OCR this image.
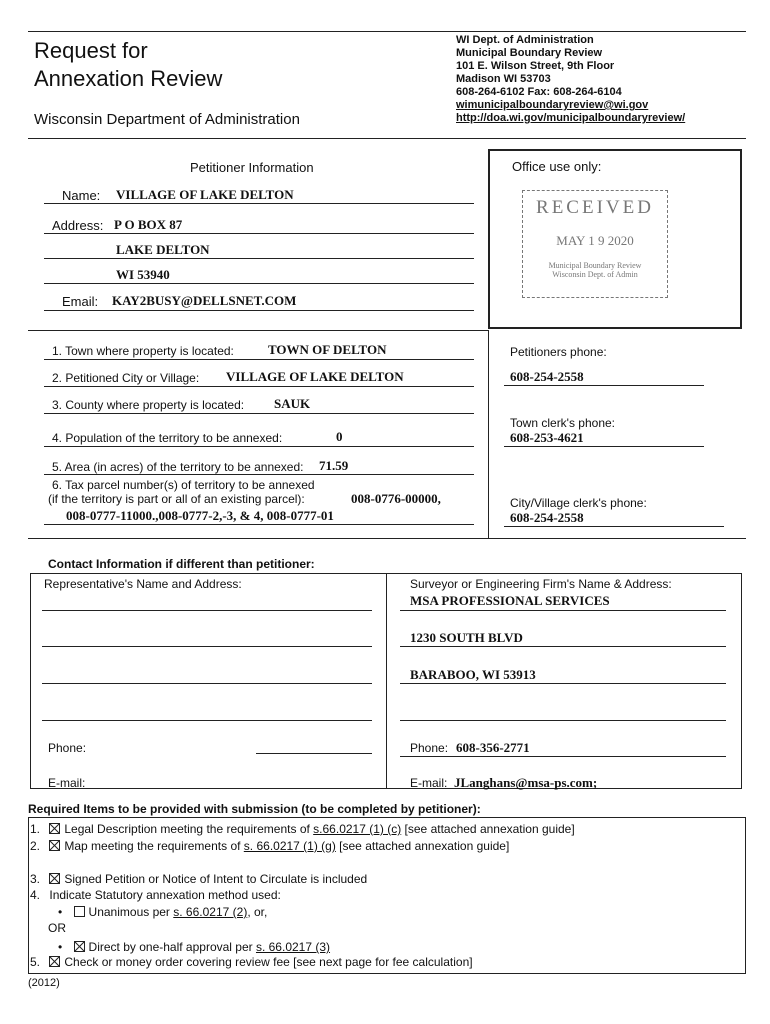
Request for
Annexation Review
Wisconsin Department of Administration
WI Dept. of Administration
Municipal Boundary Review
101 E. Wilson Street, 9th Floor
Madison WI 53703
608-264-6102 Fax: 608-264-6104
wimunicipalboundaryreview@wi.gov
http://doa.wi.gov/municipalboundaryreview/
Petitioner Information
Name: VILLAGE OF LAKE DELTON
Address: P O BOX 87
LAKE DELTON
WI 53940
Email: KAY2BUSY@DELLSNET.COM
Office use only:
RECEIVED
MAY 1 9 2020
Municipal Boundary Review
Wisconsin Dept. of Admin
1. Town where property is located:	TOWN OF DELTON
2. Petitioned City or Village: VILLAGE OF LAKE DELTON
3. County where property is located: SAUK
4. Population of the territory to be annexed:	0
5. Area (in acres) of the territory to be annexed: 71.59
6. Tax parcel number(s) of territory to be annexed
(if the territory is part or all of an existing parcel):	008-0776-00000,
008-0777-11000.,008-0777-2,-3, & 4, 008-0777-01
Petitioners phone:
608-254-2558
Town clerk's phone:
608-253-4621
City/Village clerk's phone:
608-254-2558
Contact Information if different than petitioner:
Representative's Name and Address:
Phone:
E-mail:
Surveyor or Engineering Firm's Name & Address:
MSA PROFESSIONAL SERVICES
1230 SOUTH BLVD
BARABOO, WI 53913
Phone: 608-356-2771
E-mail: JLanghans@msa-ps.com;
Required Items to be provided with submission (to be completed by petitioner):
1. Legal Description meeting the requirements of s.66.0217 (1) (c) [see attached annexation guide]
2. Map meeting the requirements of s. 66.0217 (1) (g) [see attached annexation guide]
3. Signed Petition or Notice of Intent to Circulate is included
4. Indicate Statutory annexation method used:
• Unanimous per s. 66.0217 (2), or,
OR
• Direct by one-half approval per s. 66.0217 (3)
5. Check or money order covering review fee [see next page for fee calculation]
(2012)
